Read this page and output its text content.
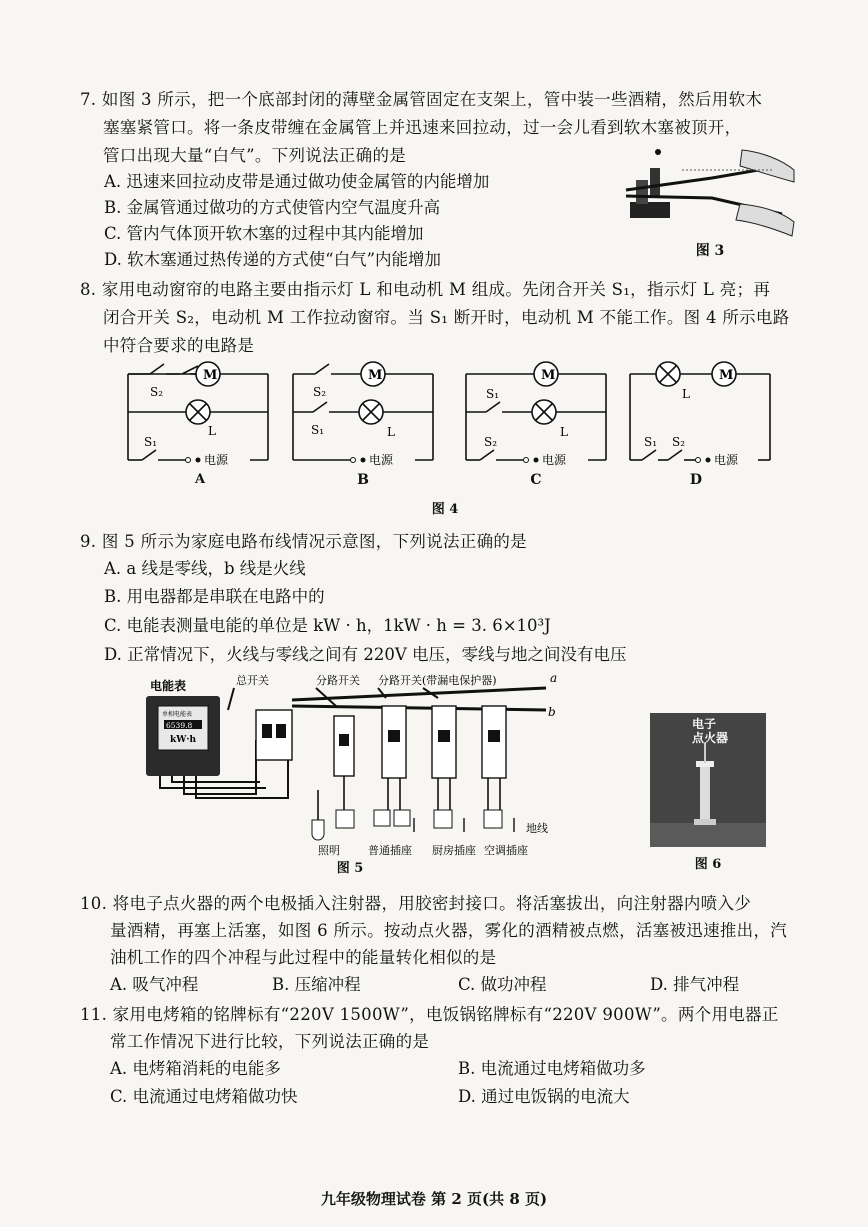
7. 如图 3 所示，把一个底部封闭的薄壁金属管固定在支架上，管中装一些酒精，然后用软木
塞塞紧管口。将一条皮带缠在金属管上并迅速来回拉动，过一会儿看到软木塞被顶开，
管口出现大量“白气”。下列说法正确的是
A. 迅速来回拉动皮带是通过做功使金属管的内能增加
B. 金属管通过做功的方式使管内空气温度升高
C. 管内气体顶开软木塞的过程中其内能增加
D. 软木塞通过热传递的方式使“白气”内能增加	图 3
8. 家用电动窗帘的电路主要由指示灯 L 和电动机 M 组成。先闭合开关 S₁，指示灯 L 亮；再
闭合开关 S₂，电动机 M 工作拉动窗帘。当 S₁ 断开时，电动机 M 不能工作。图 4 所示电路
中符合要求的电路是
M
S₂
L
S₁
电源
A
M
S₂
S₁	L
电源
B
M
S₁
L
S₂
电源
C
M
L
S₁ S₂
电源
D
图 4
9. 图 5 所示为家庭电路布线情况示意图，下列说法正确的是
A. a 线是零线，b 线是火线
B. 用电器都是串联在电路中的
C. 电能表测量电能的单位是 kW · h，1kW · h = 3. 6×10³J
D. 正常情况下，火线与零线之间有 220V 电压，零线与地之间没有电压
电能表	总开关	分路开关 分路开关(带漏电保护器)	a
b
单相电能表
6539.8
kW·h
地线
照明	普通插座 厨房插座 空调插座
图 5
电子
点火器
图 6
10. 将电子点火器的两个电极插入注射器，用胶密封接口。将活塞拔出，向注射器内喷入少
量酒精，再塞上活塞，如图 6 所示。按动点火器，雾化的酒精被点燃，活塞被迅速推出，汽
油机工作的四个冲程与此过程中的能量转化相似的是
A. 吸气冲程	B. 压缩冲程	C. 做功冲程	D. 排气冲程
11. 家用电烤箱的铭牌标有“220V 1500W”，电饭锅铭牌标有“220V 900W”。两个用电器正
常工作情况下进行比较，下列说法正确的是
A. 电烤箱消耗的电能多	B. 电流通过电烤箱做功多
C. 电流通过电烤箱做功快	D. 通过电饭锅的电流大
九年级物理试卷 第 2 页(共 8 页)
